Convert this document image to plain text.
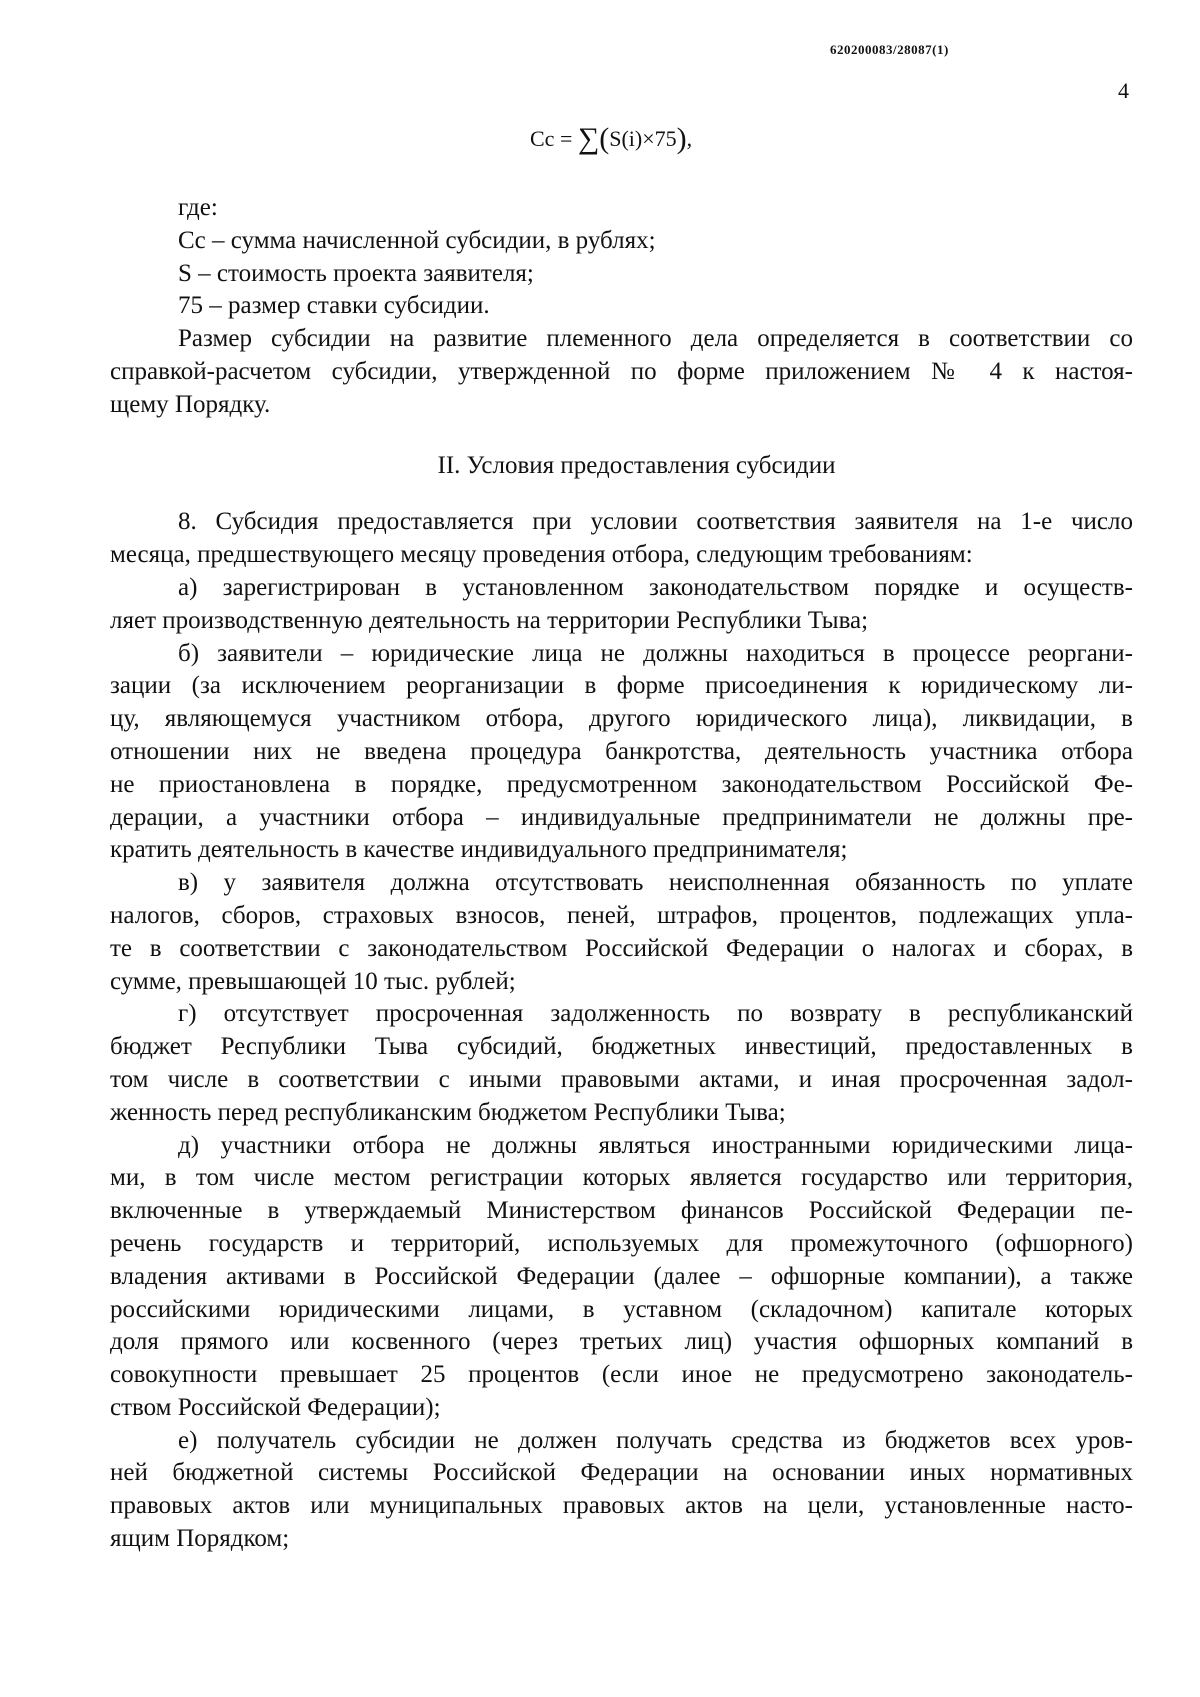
620200083/28087(1)
4
Cc = ∑(S(i)×75),

где:

Cc – сумма начисленной субсидии, в рублях;

S – стоимость проекта заявителя;

75 – размер ставки субсидии.

Размер субсидии на развитие племенного дела определяется в соответствии со
справкой-расчетом субсидии, утвержденной по форме приложением № 4 к настоя-

щему Порядку.

II. Условия предоставления субсидии

8. Субсидия предоставляется при условии соответствия заявителя на 1-е число

месяца, предшествующего месяцу проведения отбора, следующим требованиям:

а) зарегистрирован в установленном законодательством порядке и осуществ-

ляет производственную деятельность на территории Республики Тыва;

б) заявители – юридические лица не должны находиться в процессе реоргани-
зации (за исключением реорганизации в форме присоединения к юридическому ли-
цу, являющемуся участником отбора, другого юридического лица), ликвидации, в
отношении них не введена процедура банкротства, деятельность участника отбора
не приостановлена в порядке, предусмотренном законодательством Российской Фе-
дерации, а участники отбора – индивидуальные предприниматели не должны пре-

кратить деятельность в качестве индивидуального предпринимателя;

в) у заявителя должна отсутствовать неисполненная обязанность по уплате
налогов, сборов, страховых взносов, пеней, штрафов, процентов, подлежащих упла-
те в соответствии с законодательством Российской Федерации о налогах и сборах, в

сумме, превышающей 10 тыс. рублей;

г) отсутствует просроченная задолженность по возврату в республиканский
бюджет Республики Тыва субсидий, бюджетных инвестиций, предоставленных в
том числе в соответствии с иными правовыми актами, и иная просроченная задол-

женность перед республиканским бюджетом Республики Тыва;

д) участники отбора не должны являться иностранными юридическими лица-
ми, в том числе местом регистрации которых является государство или территория,
включенные в утверждаемый Министерством финансов Российской Федерации пе-
речень государств и территорий, используемых для промежуточного (офшорного)
владения активами в Российской Федерации (далее – офшорные компании), а также
российскими юридическими лицами, в уставном (складочном) капитале которых
доля прямого или косвенного (через третьих лиц) участия офшорных компаний в
совокупности превышает 25 процентов (если иное не предусмотрено законодатель-

ством Российской Федерации);

е) получатель субсидии не должен получать средства из бюджетов всех уров-
ней бюджетной системы Российской Федерации на основании иных нормативных
правовых актов или муниципальных правовых актов на цели, установленные насто-

ящим Порядком;
